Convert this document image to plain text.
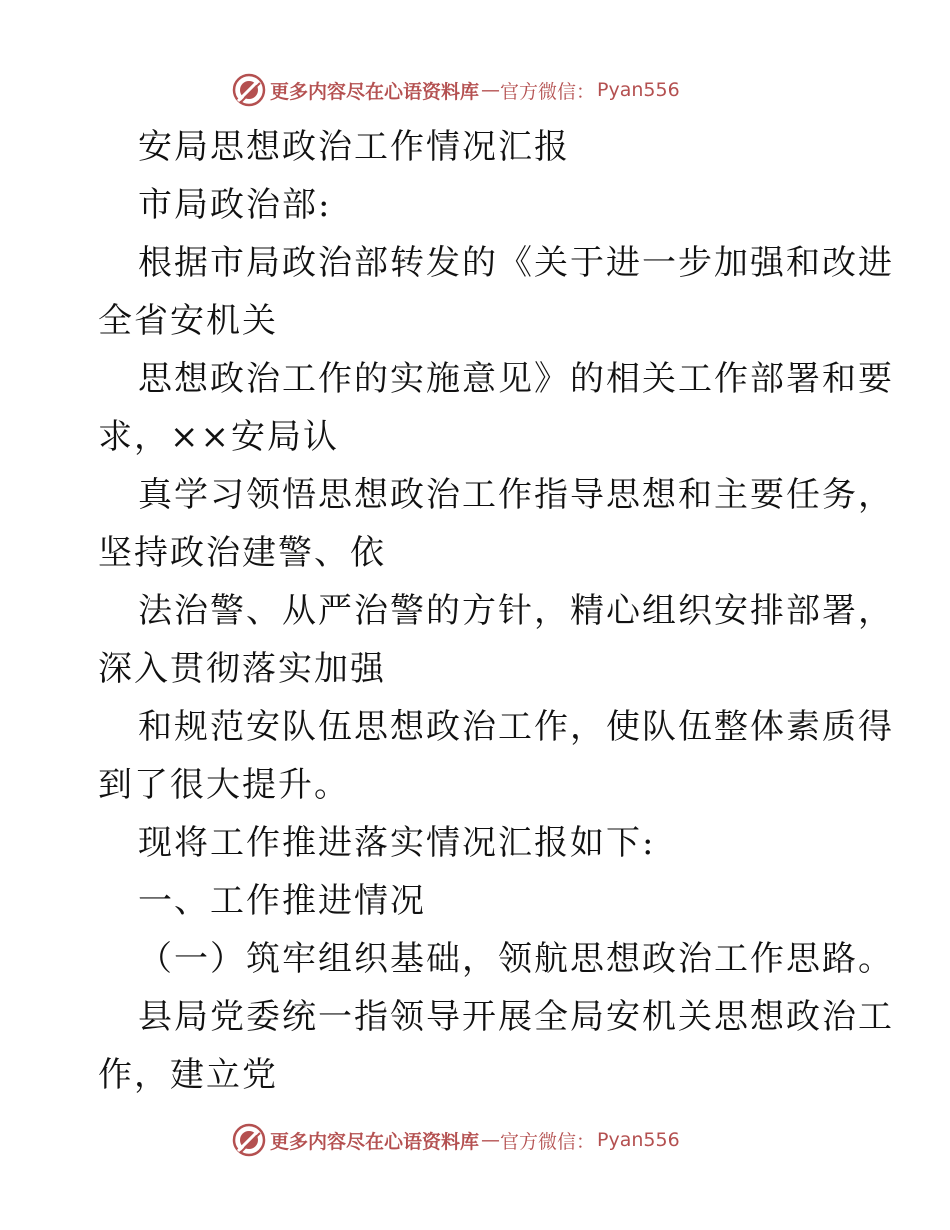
更多内容尽在心语资料库 — 官方微信： Pyan556
安局思想政治工作情况汇报
市局政治部:
根据市局政治部转发的《关于进一步加强和改进
全省安机关
思想政治工作的实施意见》的相关工作部署和要
求，××安局认
真学习领悟思想政治工作指导思想和主要任务，
坚持政治建警、依
法治警、从严治警的方针，精心组织安排部署，
深入贯彻落实加强
和规范安队伍思想政治工作，使队伍整体素质得
到了很大提升。
现将工作推进落实情况汇报如下:
一、工作推进情况
（一）筑牢组织基础，领航思想政治工作思路。
县局党委统一指领导开展全局安机关思想政治工
作，建立党
更多内容尽在心语资料库 — 官方微信： Pyan556
